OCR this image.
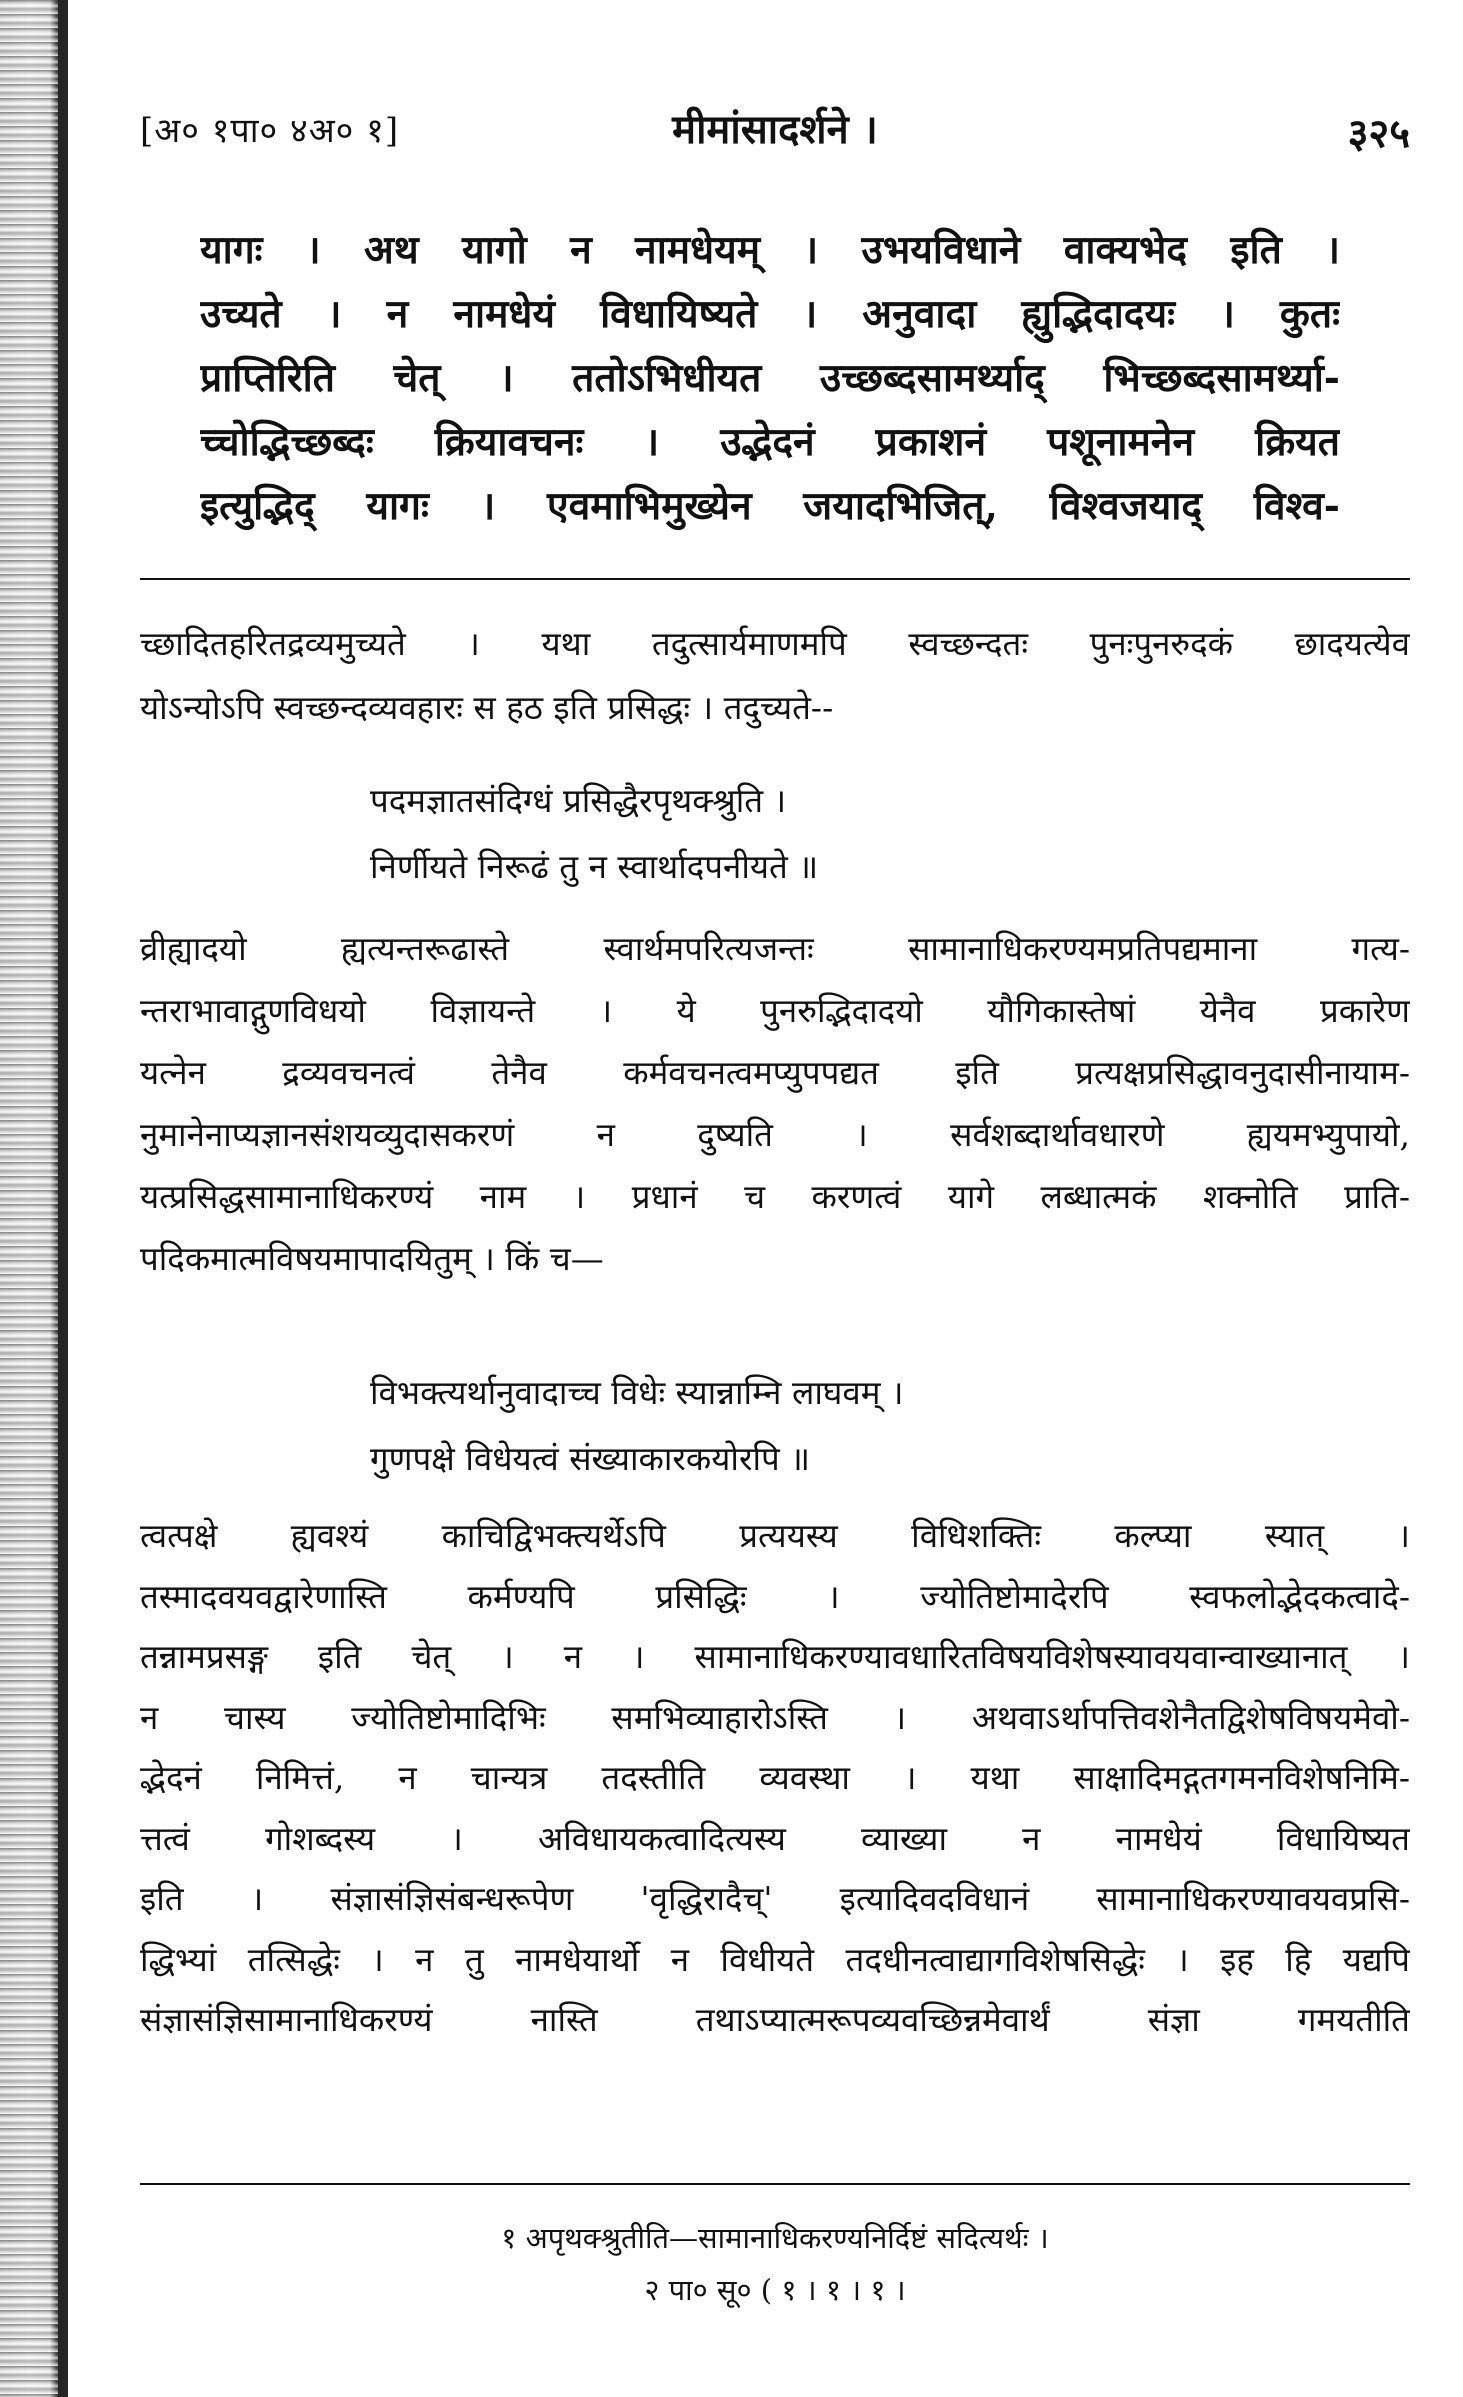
[अ० १पा० ४अ० १]	मीमांसादर्शने ।	३२५
यागः । अथ यागो न नामधेयम् । उभयविधाने वाक्यभेद इति ।
उच्यते । न नामधेयं विधायिष्यते । अनुवादा ह्युद्भिदादयः । कुतः
प्राप्तिरिति चेत् । ततोऽभिधीयत उच्छब्दसामर्थ्याद् भिच्छब्दसामर्थ्या-
च्चोद्भिच्छब्दः क्रियावचनः । उद्भेदनं प्रकाशनं पशूनामनेन क्रियत
इत्युद्भिद् यागः । एवमाभिमुख्येन जयादभिजित्, विश्वजयाद् विश्व-
च्छादितहरितद्रव्यमुच्यते । यथा तदुत्सार्यमाणमपि स्वच्छन्दतः पुनःपुनरुदकं छादयत्येव
योऽन्योऽपि स्वच्छन्दव्यवहारः स हठ इति प्रसिद्धः । तदुच्यते--
पदमज्ञातसंदिग्धं प्रसिद्धैरपृथक्श्रुति ।
निर्णीयते निरूढं तु न स्वार्थादपनीयते ॥
व्रीह्यादयो ह्यत्यन्तरूढास्ते स्वार्थमपरित्यजन्तः सामानाधिकरण्यमप्रतिपद्यमाना गत्य-
न्तराभावाद्गुणविधयो विज्ञायन्ते । ये पुनरुद्भिदादयो यौगिकास्तेषां येनैव प्रकारेण
यत्नेन द्रव्यवचनत्वं तेनैव कर्मवचनत्वमप्युपपद्यत इति प्रत्यक्षप्रसिद्धावनुदासीनायाम-
नुमानेनाप्यज्ञानसंशयव्युदासकरणं न दुष्यति । सर्वशब्दार्थावधारणे ह्ययमभ्युपायो,
यत्प्रसिद्धसामानाधिकरण्यं नाम । प्रधानं च करणत्वं यागे लब्धात्मकं शक्नोति प्राति-
पदिकमात्मविषयमापादयितुम् । किं च—
विभक्त्यर्थानुवादाच्च विधेः स्यान्नाम्नि लाघवम् ।
गुणपक्षे विधेयत्वं संख्याकारकयोरपि ॥
त्वत्पक्षे ह्यवश्यं काचिद्विभक्त्यर्थेऽपि प्रत्ययस्य विधिशक्तिः कल्प्या स्यात् ।
तस्मादवयवद्वारेणास्ति कर्मण्यपि प्रसिद्धिः । ज्योतिष्टोमादेरपि स्वफलोद्भेदकत्वादे-
तन्नामप्रसङ्ग इति चेत् । न । सामानाधिकरण्यावधारितविषयविशेषस्यावयवान्वाख्यानात् ।
न चास्य ज्योतिष्टोमादिभिः समभिव्याहारोऽस्ति । अथवाऽर्थापत्तिवशेनैतद्विशेषविषयमेवो-
द्भेदनं निमित्तं, न चान्यत्र तदस्तीति व्यवस्था । यथा साक्षादिमद्गतगमनविशेषनिमि-
त्तत्वं गोशब्दस्य । अविधायकत्वादित्यस्य व्याख्या न नामधेयं विधायिष्यत
इति । संज्ञासंज्ञिसंबन्धरूपेण 'वृद्धिरादैच्' इत्यादिवदविधानं सामानाधिकरण्यावयवप्रसि-
द्धिभ्यां तत्सिद्धेः । न तु नामधेयार्थो न विधीयते तदधीनत्वाद्यागविशेषसिद्धेः । इह हि यद्यपि
संज्ञासंज्ञिसामानाधिकरण्यं नास्ति तथाऽप्यात्मरूपव्यवच्छिन्नमेवार्थं संज्ञा गमयतीति
१ अपृथक्श्रुतीति—सामानाधिकरण्यनिर्दिष्टं सदित्यर्थः ।
२ पा० सू० ( १ । १ । १ ।
